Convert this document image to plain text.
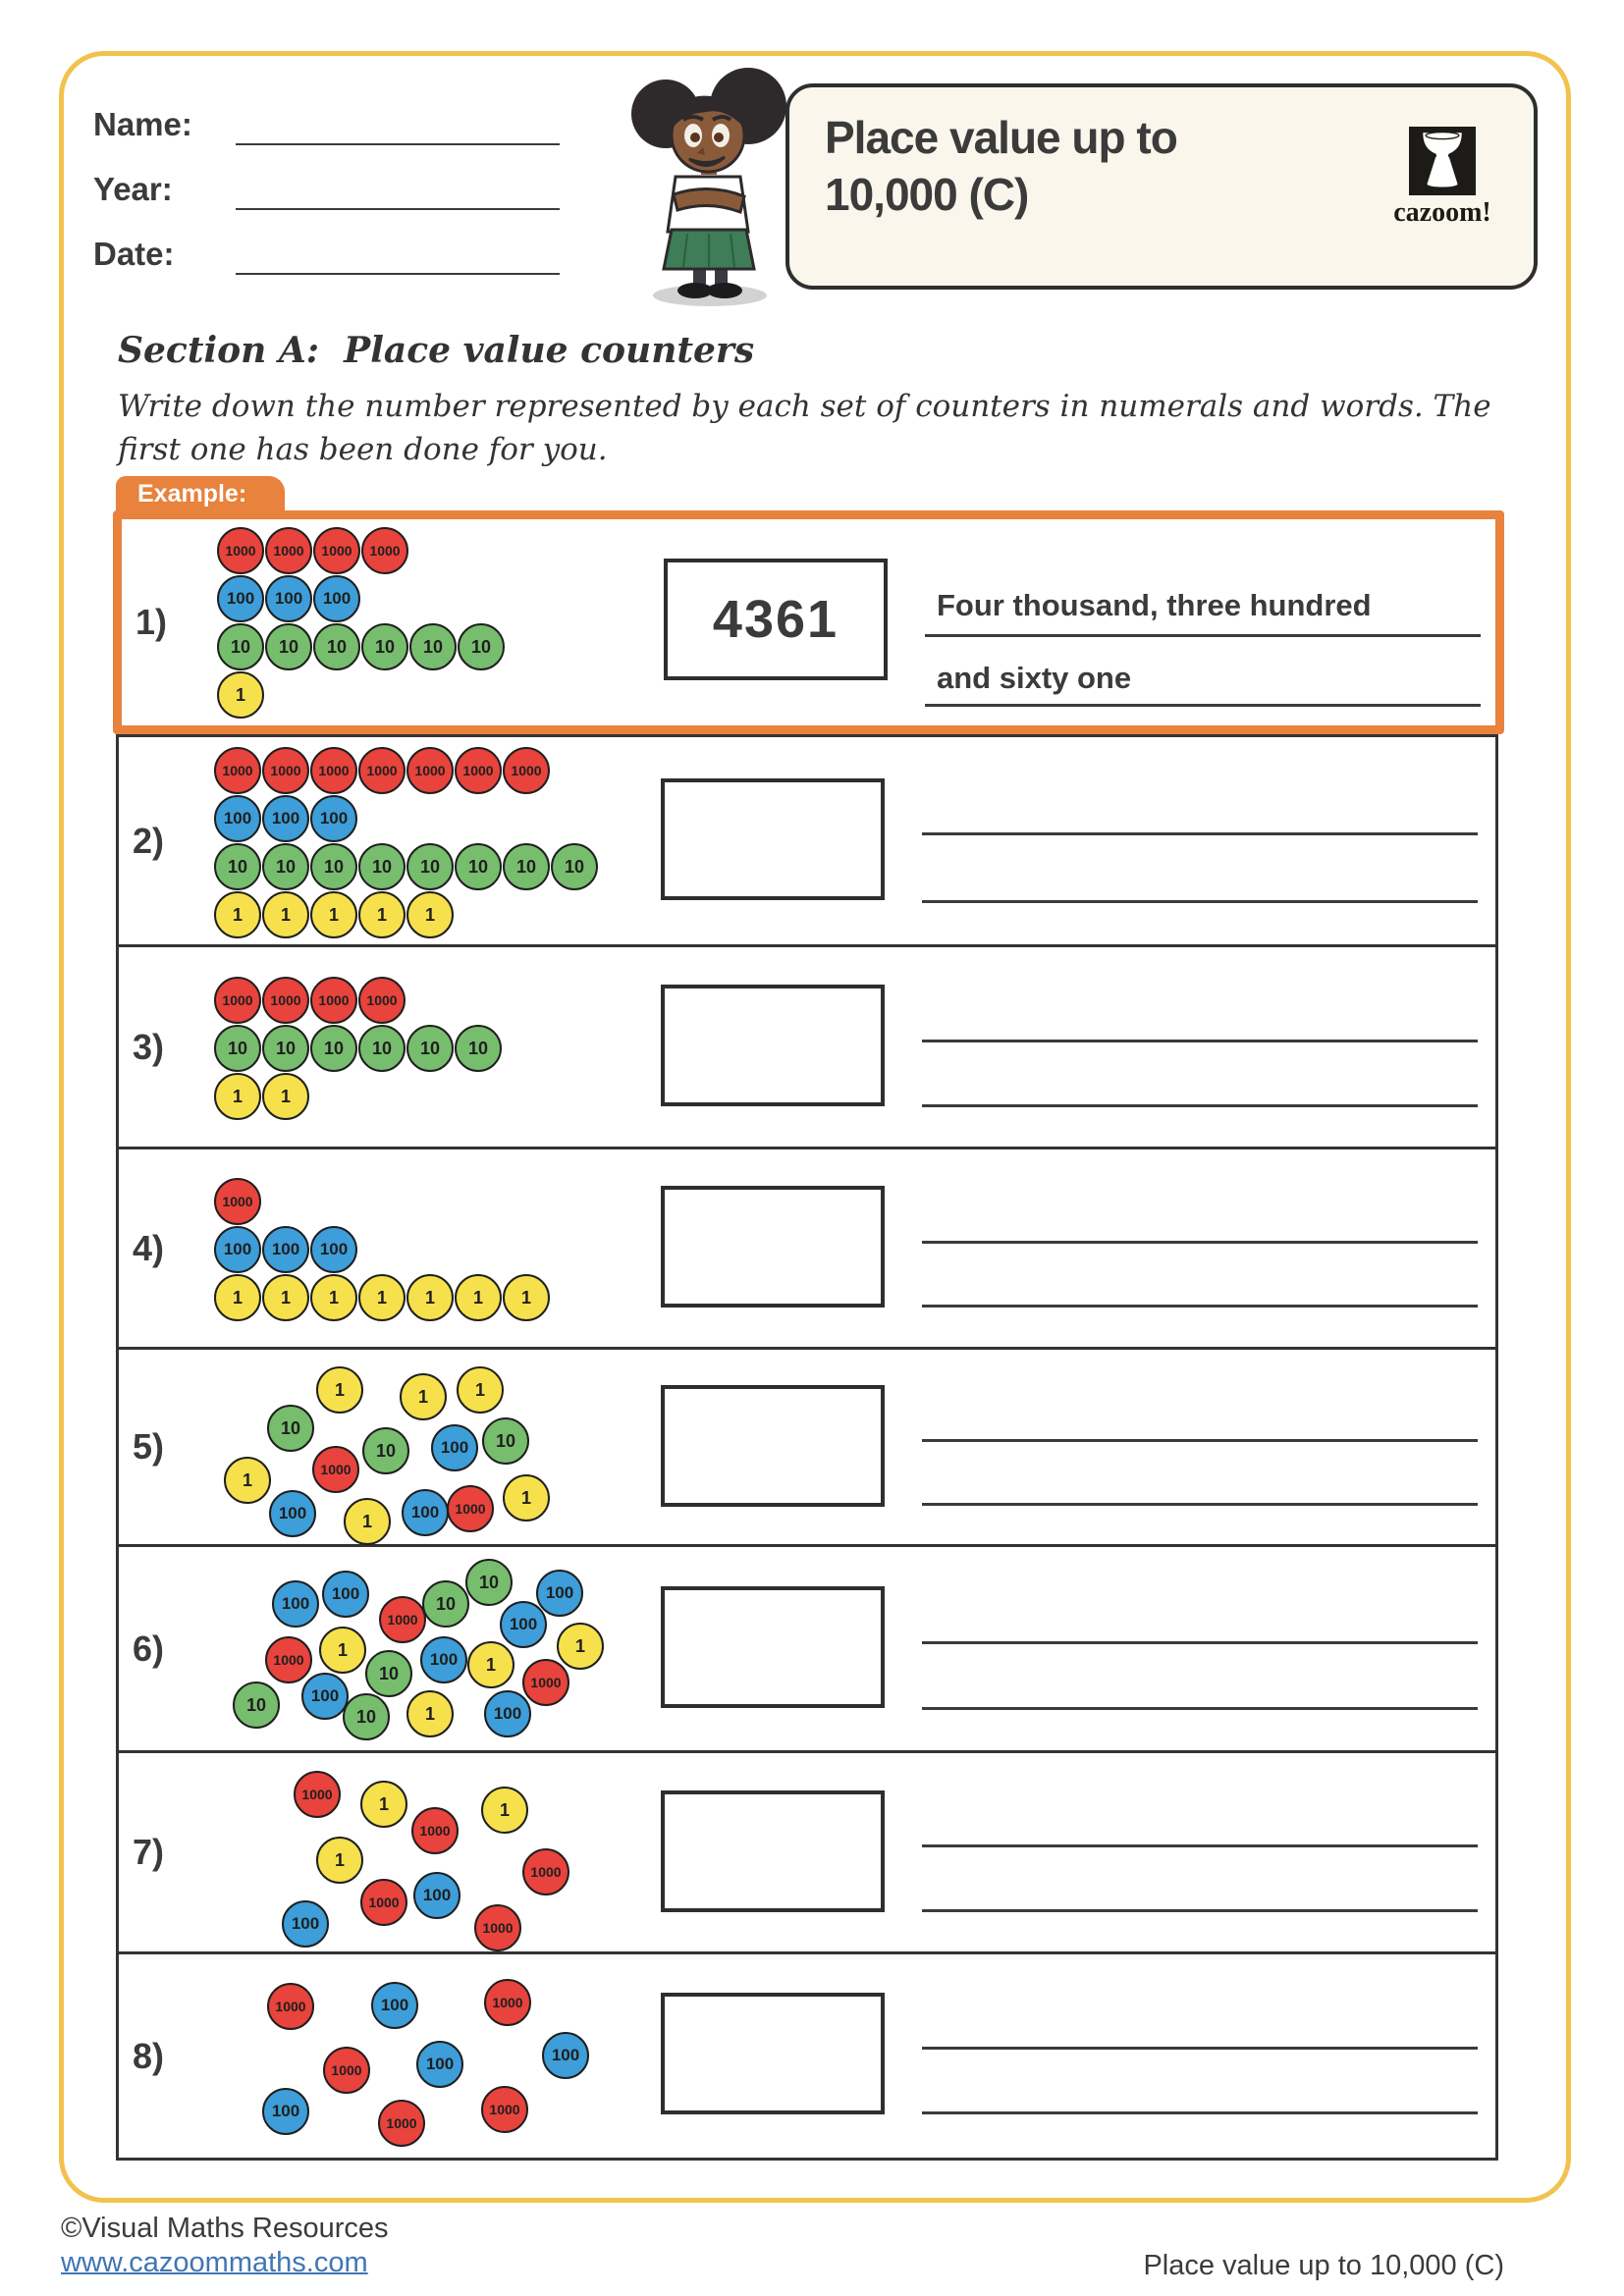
Name:
Year:
Date:
Place value up to
10,000 (C)	cazoom!
Section A:  Place value counters
Write down the number represented by each set of counters in numerals and words. The first one has been done for you.
Example:
1)
1000	1000	1000	1000
100	100	100
10	10	10	10	10	10
1
4361	Four thousand, three hundred
and sixty one
2)
1000	1000	1000	1000	1000	1000	1000
100	100	100
10	10	10	10	10	10	10	10
1	1	1	1	1
3)
1000	1000	1000	1000
10	10	10	10	10	10
1	1
4)
1000
100	100	100
1	1	1	1	1	1	1
5)
1	1	1
10
10	10
100
1000
1
100	1	100	1000
1
6)
100
100
10
10
100
1000	100
1
1000
1
10
100	1
1000
10	100
10	1	100
7)
1000	1
1000
1
1
1000
1000	100
100	1000
8)
1000	100	1000
1000	100	100
100
1000
1000
©Visual Maths Resources
www.cazoommaths.com	Place value up to 10,000 (C)
